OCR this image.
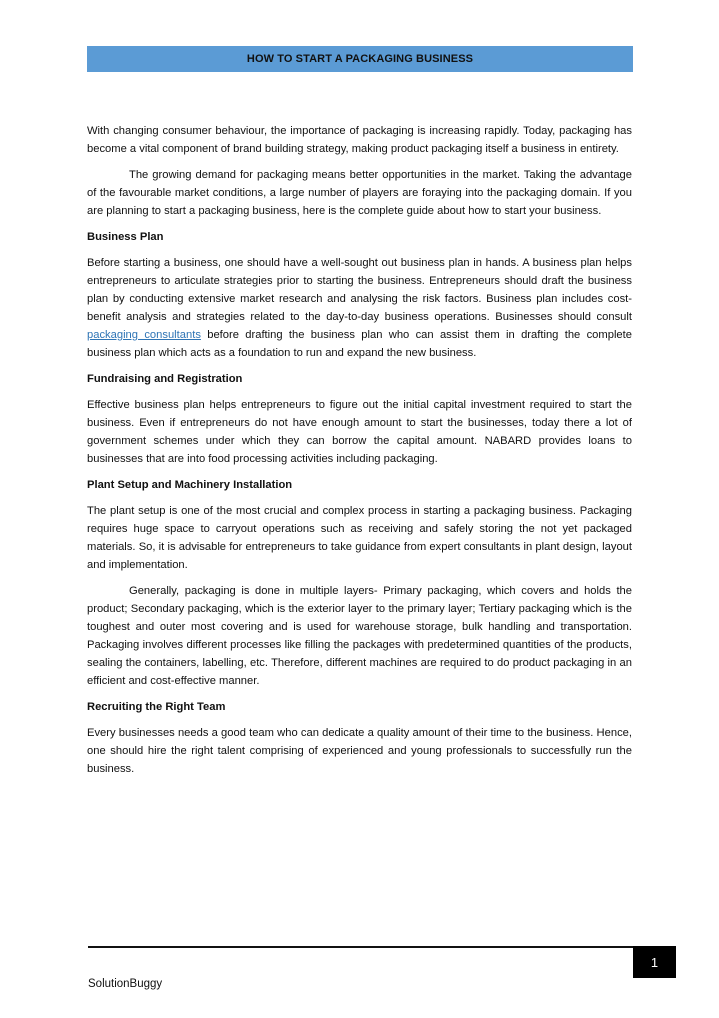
HOW TO START A PACKAGING BUSINESS

With changing consumer behaviour, the importance of packaging is increasing rapidly. Today, packaging has become a vital component of brand building strategy, making product packaging itself a business in entirety.

The growing demand for packaging means better opportunities in the market. Taking the advantage of the favourable market conditions, a large number of players are foraying into the packaging domain. If you are planning to start a packaging business, here is the complete guide about how to start your business.

Business Plan

Before starting a business, one should have a well-sought out business plan in hands. A business plan helps entrepreneurs to articulate strategies prior to starting the business. Entrepreneurs should draft the business plan by conducting extensive market research and analysing the risk factors. Business plan includes cost-benefit analysis and strategies related to the day-to-day business operations. Businesses should consult packaging consultants before drafting the business plan who can assist them in drafting the complete business plan which acts as a foundation to run and expand the new business.

Fundraising and Registration

Effective business plan helps entrepreneurs to figure out the initial capital investment required to start the business. Even if entrepreneurs do not have enough amount to start the businesses, today there a lot of government schemes under which they can borrow the capital amount. NABARD provides loans to businesses that are into food processing activities including packaging.

Plant Setup and Machinery Installation

The plant setup is one of the most crucial and complex process in starting a packaging business. Packaging requires huge space to carryout operations such as receiving and safely storing the not yet packaged materials. So, it is advisable for entrepreneurs to take guidance from expert consultants in plant design, layout and implementation.

Generally, packaging is done in multiple layers- Primary packaging, which covers and holds the product; Secondary packaging, which is the exterior layer to the primary layer; Tertiary packaging which is the toughest and outer most covering and is used for warehouse storage, bulk handling and transportation. Packaging involves different processes like filling the packages with predetermined quantities of the products, sealing the containers, labelling, etc. Therefore, different machines are required to do product packaging in an efficient and cost-effective manner.

Recruiting the Right Team

Every businesses needs a good team who can dedicate a quality amount of their time to the business. Hence, one should hire the right talent comprising of experienced and young professionals to successfully run the business.

1
SolutionBuggy
